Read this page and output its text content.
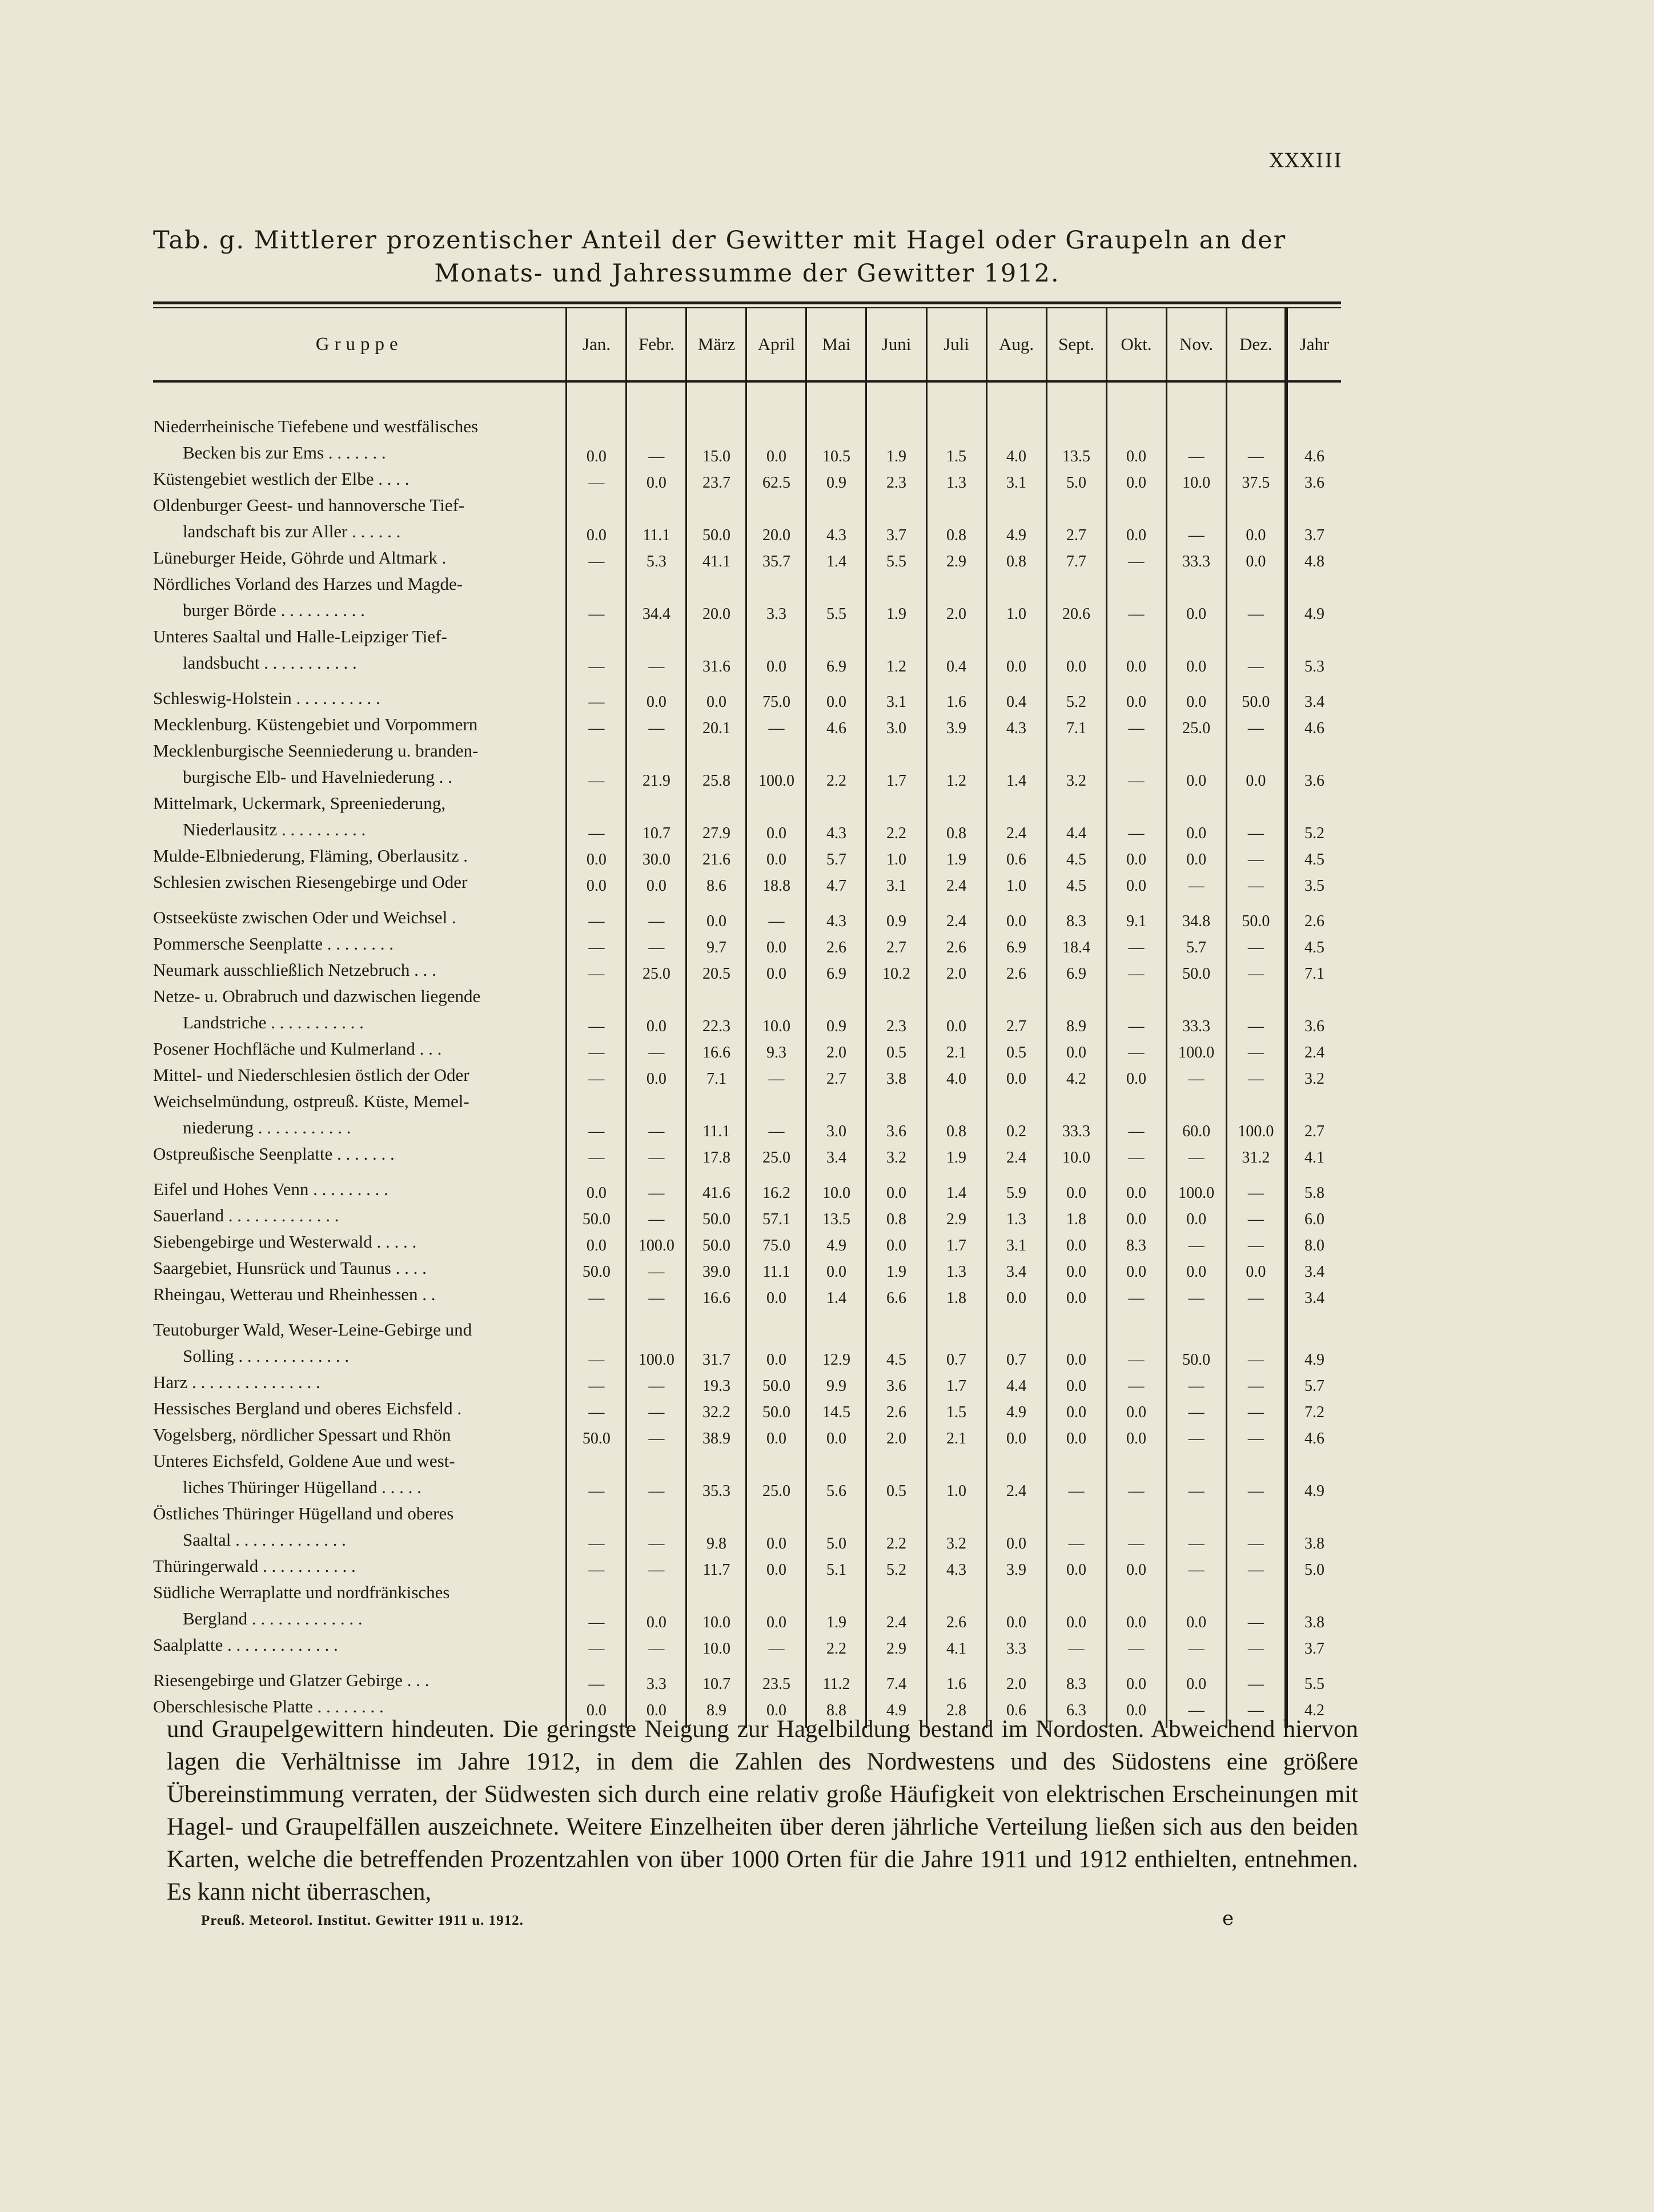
XXXIII
Tab. g. Mittlerer prozentischer Anteil der Gewitter mit Hagel oder Graupeln an der
Monats- und Jahressumme der Gewitter 1912.
Gruppe	Jan.	Febr.	März	April	Mai	Juni	Juli	Aug.	Sept.	Okt.	Nov.	Dez.	Jahr

Niederrheinische Tiefebene und westfälisches
Becken bis zur Ems . . . . . . .	0.0	—	15.0	0.0	10.5	1.9	1.5	4.0	13.5	0.0	—	—	4.6

Küstengebiet westlich der Elbe . . . .	—	0.0	23.7	62.5	0.9	2.3	1.3	3.1	5.0	0.0	10.0	37.5	3.6

Oldenburger Geest- und hannoversche Tief-
landschaft bis zur Aller . . . . . .	0.0	11.1	50.0	20.0	4.3	3.7	0.8	4.9	2.7	0.0	—	0.0	3.7

Lüneburger Heide, Göhrde und Altmark .	—	5.3	41.1	35.7	1.4	5.5	2.9	0.8	7.7	—	33.3	0.0	4.8

Nördliches Vorland des Harzes und Magde-
burger Börde . . . . . . . . . .	—	34.4	20.0	3.3	5.5	1.9	2.0	1.0	20.6	—	0.0	—	4.9

Unteres Saaltal und Halle-Leipziger Tief-
landsbucht . . . . . . . . . . .	—	—	31.6	0.0	6.9	1.2	0.4	0.0	0.0	0.0	0.0	—	5.3

Schleswig-Holstein . . . . . . . . . .	—	0.0	0.0	75.0	0.0	3.1	1.6	0.4	5.2	0.0	0.0	50.0	3.4

Mecklenburg. Küstengebiet und Vorpommern	—	—	20.1	—	4.6	3.0	3.9	4.3	7.1	—	25.0	—	4.6

Mecklenburgische Seenniederung u. branden-
burgische Elb- und Havelniederung . .	—	21.9	25.8	100.0	2.2	1.7	1.2	1.4	3.2	—	0.0	0.0	3.6

Mittelmark, Uckermark, Spreeniederung,
Niederlausitz . . . . . . . . . .	—	10.7	27.9	0.0	4.3	2.2	0.8	2.4	4.4	—	0.0	—	5.2

Mulde-Elbniederung, Fläming, Oberlausitz .	0.0	30.0	21.6	0.0	5.7	1.0	1.9	0.6	4.5	0.0	0.0	—	4.5

Schlesien zwischen Riesengebirge und Oder	0.0	0.0	8.6	18.8	4.7	3.1	2.4	1.0	4.5	0.0	—	—	3.5

Ostseeküste zwischen Oder und Weichsel .	—	—	0.0	—	4.3	0.9	2.4	0.0	8.3	9.1	34.8	50.0	2.6

Pommersche Seenplatte . . . . . . . .	—	—	9.7	0.0	2.6	2.7	2.6	6.9	18.4	—	5.7	—	4.5

Neumark ausschließlich Netzebruch . . .	—	25.0	20.5	0.0	6.9	10.2	2.0	2.6	6.9	—	50.0	—	7.1

Netze- u. Obrabruch und dazwischen liegende
Landstriche . . . . . . . . . . .	—	0.0	22.3	10.0	0.9	2.3	0.0	2.7	8.9	—	33.3	—	3.6

Posener Hochfläche und Kulmerland . . .	—	—	16.6	9.3	2.0	0.5	2.1	0.5	0.0	—	100.0	—	2.4

Mittel- und Niederschlesien östlich der Oder	—	0.0	7.1	—	2.7	3.8	4.0	0.0	4.2	0.0	—	—	3.2

Weichselmündung, ostpreuß. Küste, Memel-
niederung . . . . . . . . . . .	—	—	11.1	—	3.0	3.6	0.8	0.2	33.3	—	60.0	100.0	2.7

Ostpreußische Seenplatte . . . . . . .	—	—	17.8	25.0	3.4	3.2	1.9	2.4	10.0	—	—	31.2	4.1

Eifel und Hohes Venn . . . . . . . . .	0.0	—	41.6	16.2	10.0	0.0	1.4	5.9	0.0	0.0	100.0	—	5.8

Sauerland . . . . . . . . . . . . .	50.0	—	50.0	57.1	13.5	0.8	2.9	1.3	1.8	0.0	0.0	—	6.0

Siebengebirge und Westerwald . . . . .	0.0	100.0	50.0	75.0	4.9	0.0	1.7	3.1	0.0	8.3	—	—	8.0

Saargebiet, Hunsrück und Taunus . . . .	50.0	—	39.0	11.1	0.0	1.9	1.3	3.4	0.0	0.0	0.0	0.0	3.4

Rheingau, Wetterau und Rheinhessen . .	—	—	16.6	0.0	1.4	6.6	1.8	0.0	0.0	—	—	—	3.4

Teutoburger Wald, Weser-Leine-Gebirge und
Solling . . . . . . . . . . . . .	—	100.0	31.7	0.0	12.9	4.5	0.7	0.7	0.0	—	50.0	—	4.9

Harz . . . . . . . . . . . . . . .	—	—	19.3	50.0	9.9	3.6	1.7	4.4	0.0	—	—	—	5.7

Hessisches Bergland und oberes Eichsfeld .	—	—	32.2	50.0	14.5	2.6	1.5	4.9	0.0	0.0	—	—	7.2

Vogelsberg, nördlicher Spessart und Rhön	50.0	—	38.9	0.0	0.0	2.0	2.1	0.0	0.0	0.0	—	—	4.6

Unteres Eichsfeld, Goldene Aue und west-
liches Thüringer Hügelland . . . . .	—	—	35.3	25.0	5.6	0.5	1.0	2.4	—	—	—	—	4.9

Östliches Thüringer Hügelland und oberes
Saaltal . . . . . . . . . . . . .	—	—	9.8	0.0	5.0	2.2	3.2	0.0	—	—	—	—	3.8

Thüringerwald . . . . . . . . . . .	—	—	11.7	0.0	5.1	5.2	4.3	3.9	0.0	0.0	—	—	5.0

Südliche Werraplatte und nordfränkisches
Bergland . . . . . . . . . . . . .	—	0.0	10.0	0.0	1.9	2.4	2.6	0.0	0.0	0.0	0.0	—	3.8

Saalplatte . . . . . . . . . . . . .	—	—	10.0	—	2.2	2.9	4.1	3.3	—	—	—	—	3.7

Riesengebirge und Glatzer Gebirge . . .	—	3.3	10.7	23.5	11.2	7.4	1.6	2.0	8.3	0.0	0.0	—	5.5

Oberschlesische Platte . . . . . . . .	0.0	0.0	8.9	0.0	8.8	4.9	2.8	0.6	6.3	0.0	—	—	4.2
und Graupelgewittern hindeuten. Die geringste Neigung zur Hagelbildung bestand im Nordosten. Abweichend hiervon lagen die Verhältnisse im Jahre 1912, in dem die Zahlen des Nordwestens und des Südostens eine größere Übereinstimmung verraten, der Südwesten sich durch eine relativ große Häufigkeit von elektrischen Erscheinungen mit Hagel- und Graupelfällen auszeichnete. Weitere Einzelheiten über deren jährliche Verteilung ließen sich aus den beiden Karten, welche die betreffenden Prozentzahlen von über 1000 Orten für die Jahre 1911 und 1912 enthielten, entnehmen. Es kann nicht überraschen,
Preuß. Meteorol. Institut. Gewitter 1911 u. 1912.	e
